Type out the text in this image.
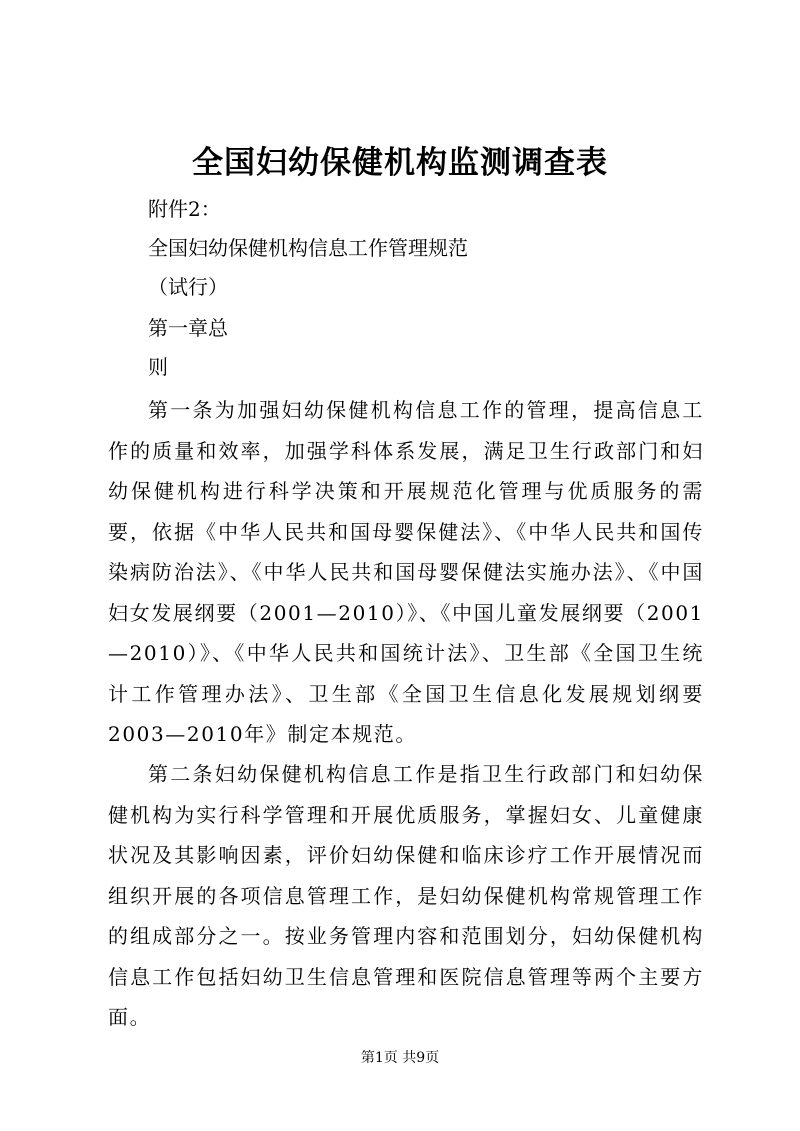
全国妇幼保健机构监测调查表
附件2：
全国妇幼保健机构信息工作管理规范
（试行）
第一章总
则

第一条为加强妇幼保健机构信息工作的管理，提高信息工作的质量和效率，加强学科体系发展，满足卫生行政部门和妇幼保健机构进行科学决策和开展规范化管理与优质服务的需要，依据《中华人民共和国母婴保健法》、《中华人民共和国传染病防治法》、《中华人民共和国母婴保健法实施办法》、《中国妇女发展纲要（2001—2010）》、《中国儿童发展纲要（2001—2010）》、《中华人民共和国统计法》、卫生部《全国卫生统计工作管理办法》、卫生部《全国卫生信息化发展规划纲要2003—2010年》制定本规范。

第二条妇幼保健机构信息工作是指卫生行政部门和妇幼保健机构为实行科学管理和开展优质服务，掌握妇女、儿童健康状况及其影响因素，评价妇幼保健和临床诊疗工作开展情况而组织开展的各项信息管理工作，是妇幼保健机构常规管理工作的组成部分之一。按业务管理内容和范围划分，妇幼保健机构信息工作包括妇幼卫生信息管理和医院信息管理等两个主要方面。

第1页 共9页
